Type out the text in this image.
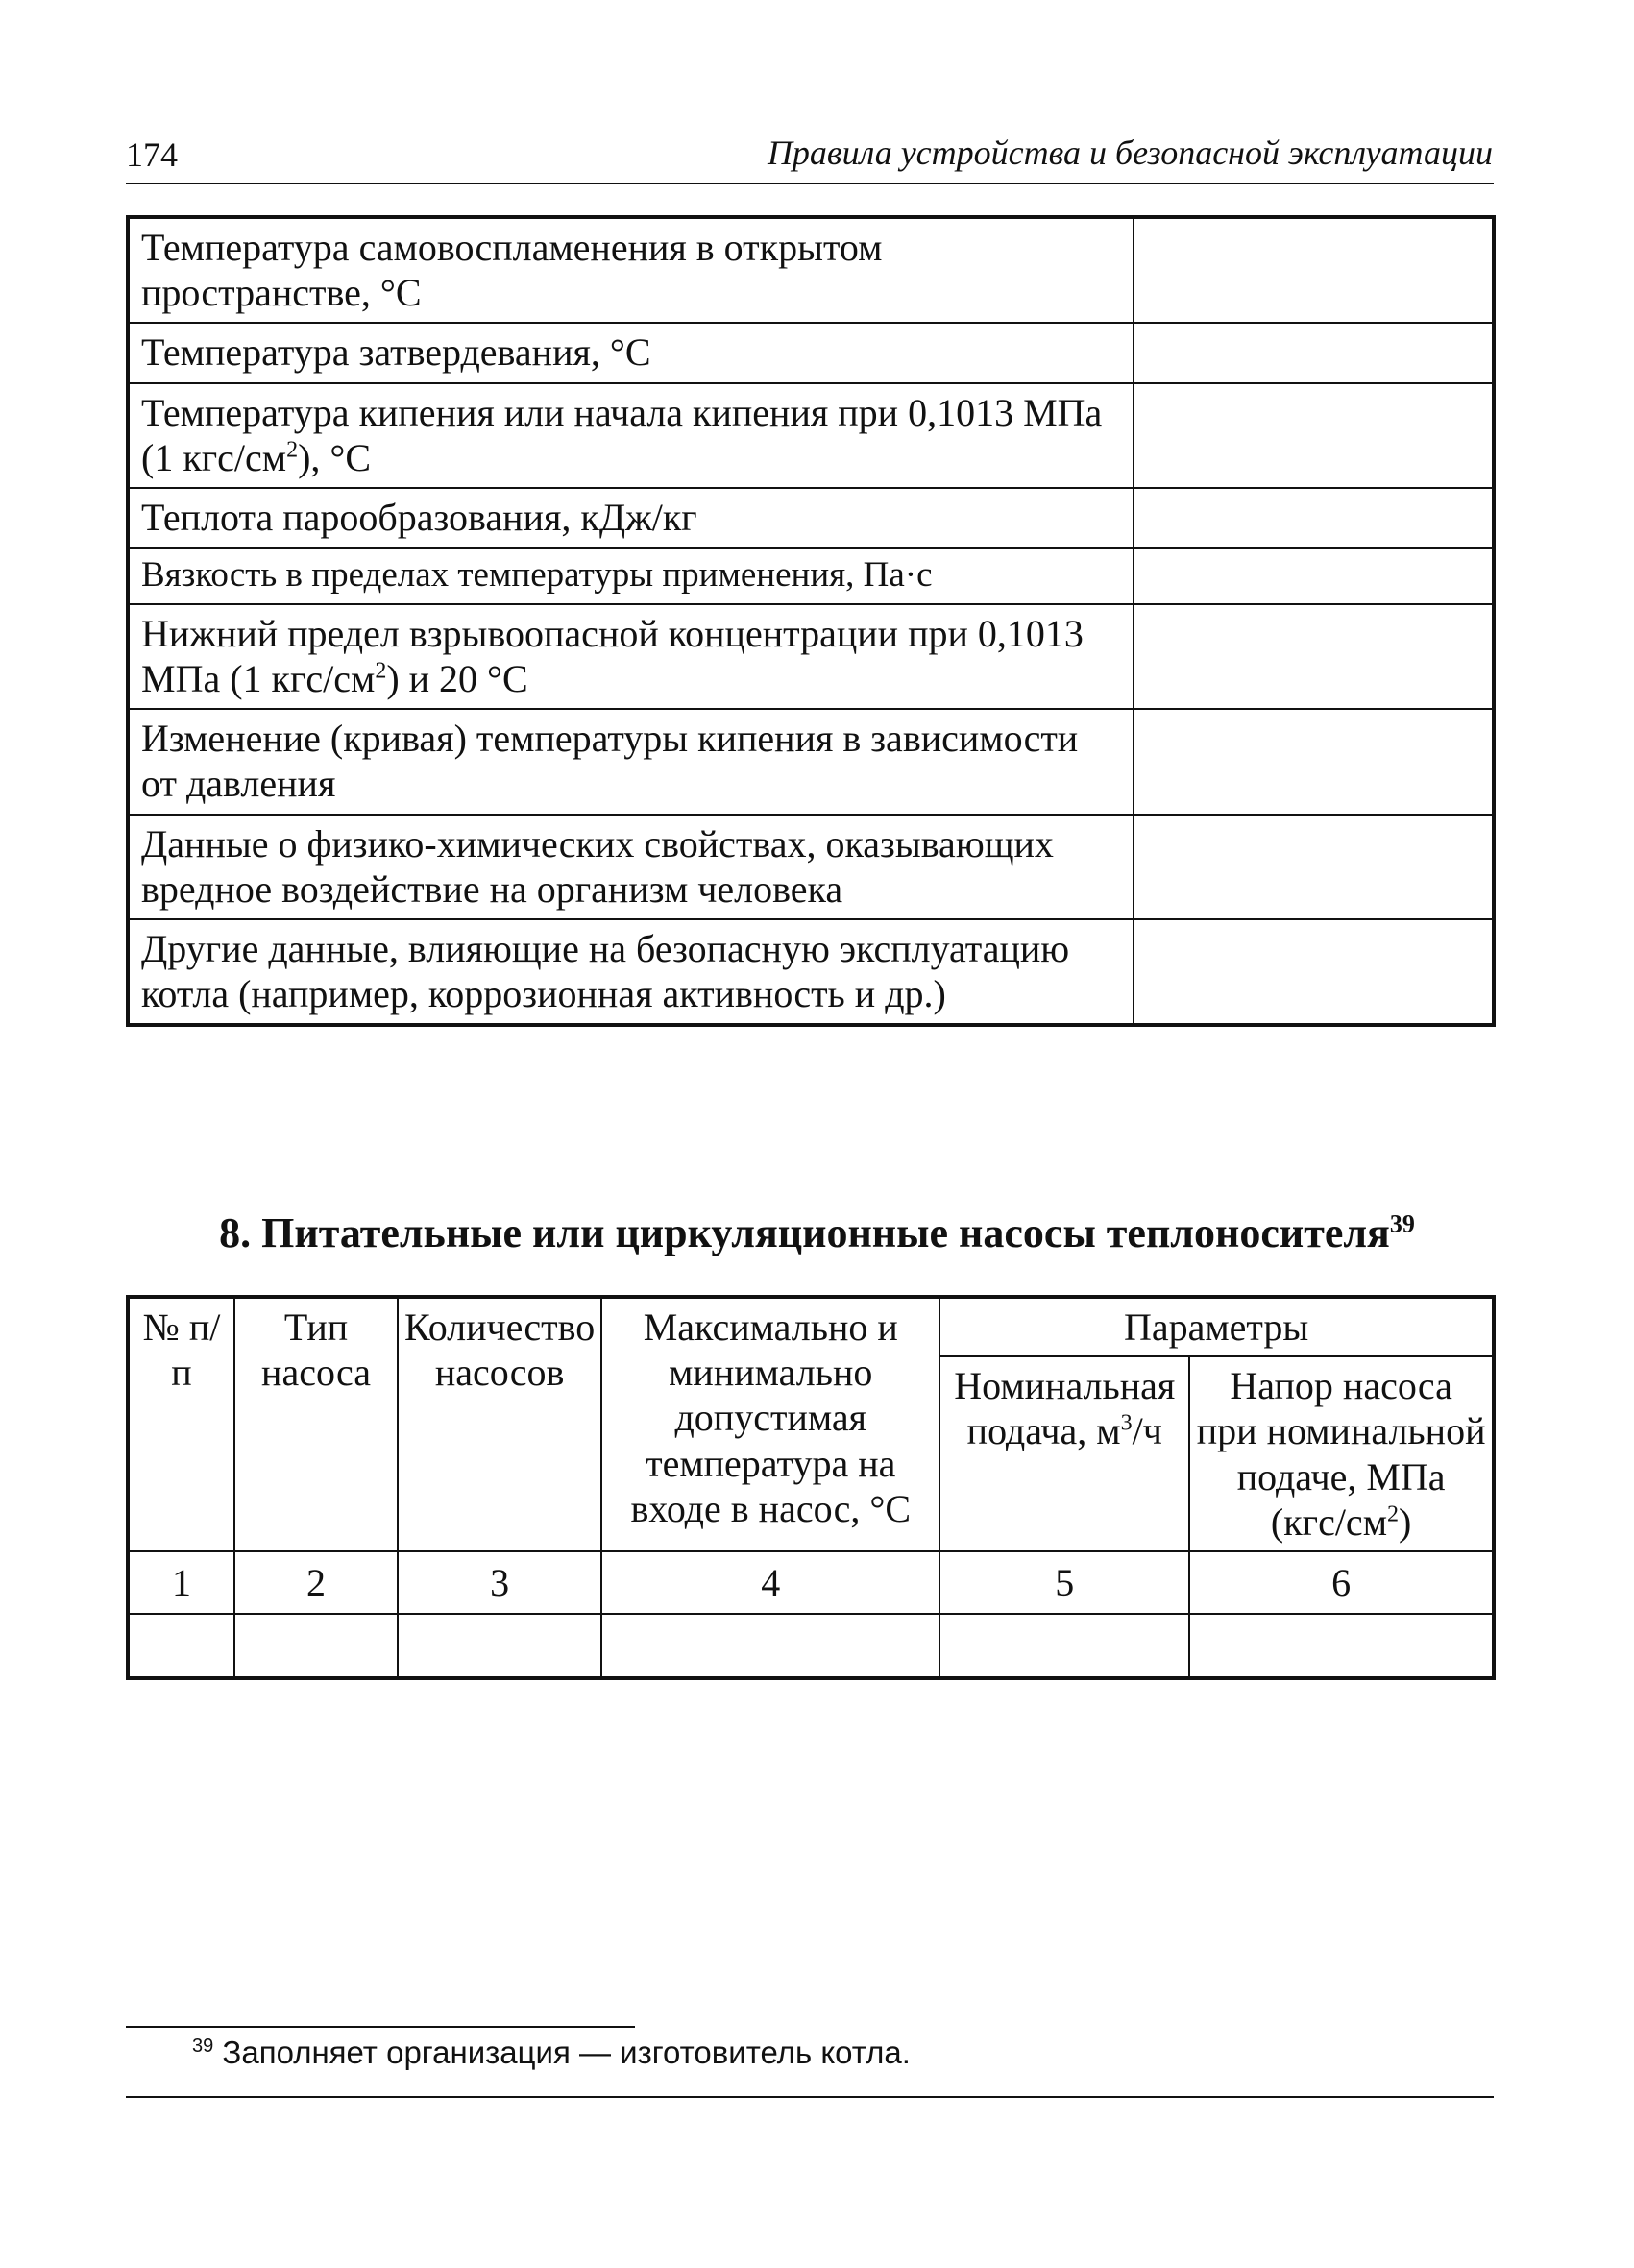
174	Правила устройства и безопасной эксплуатации
Температура самовоспламенения в открытом пространстве, °С	
Температура затвердевания, °С	
Температура кипения или начала кипения при 0,1013 МПа (1 кгс/$см^2$), °С	
Теплота парообразования, кДж/кг	
Вязкость в пределах температуры применения, Па·с	
Нижний предел взрывоопасной концентрации при 0,1013 МПа (1 кгс/$см^2$) и 20 °С	
Изменение (кривая) температуры кипения в зависимости от давления	
Данные о физико-химических свойствах, оказывающих вредное воздействие на организм человека	
Другие данные, влияющие на безопасную эксплуатацию котла (например, коррозионная активность и др.)	
8. Питательные или циркуляционные насосы теплоносителя$^{39}$
№ п/п	Тип насоса	Количество насосов	Максимально и минимально допустимая температура на входе в насос, °С	Параметры	
				Номинальная подача, $м^3/ч$	Напор насоса при номинальной подаче, МПа $(кгс/см^2)$
1	2	3	4	5	6

$^{39}$ Заполняет организация — изготовитель котла.
